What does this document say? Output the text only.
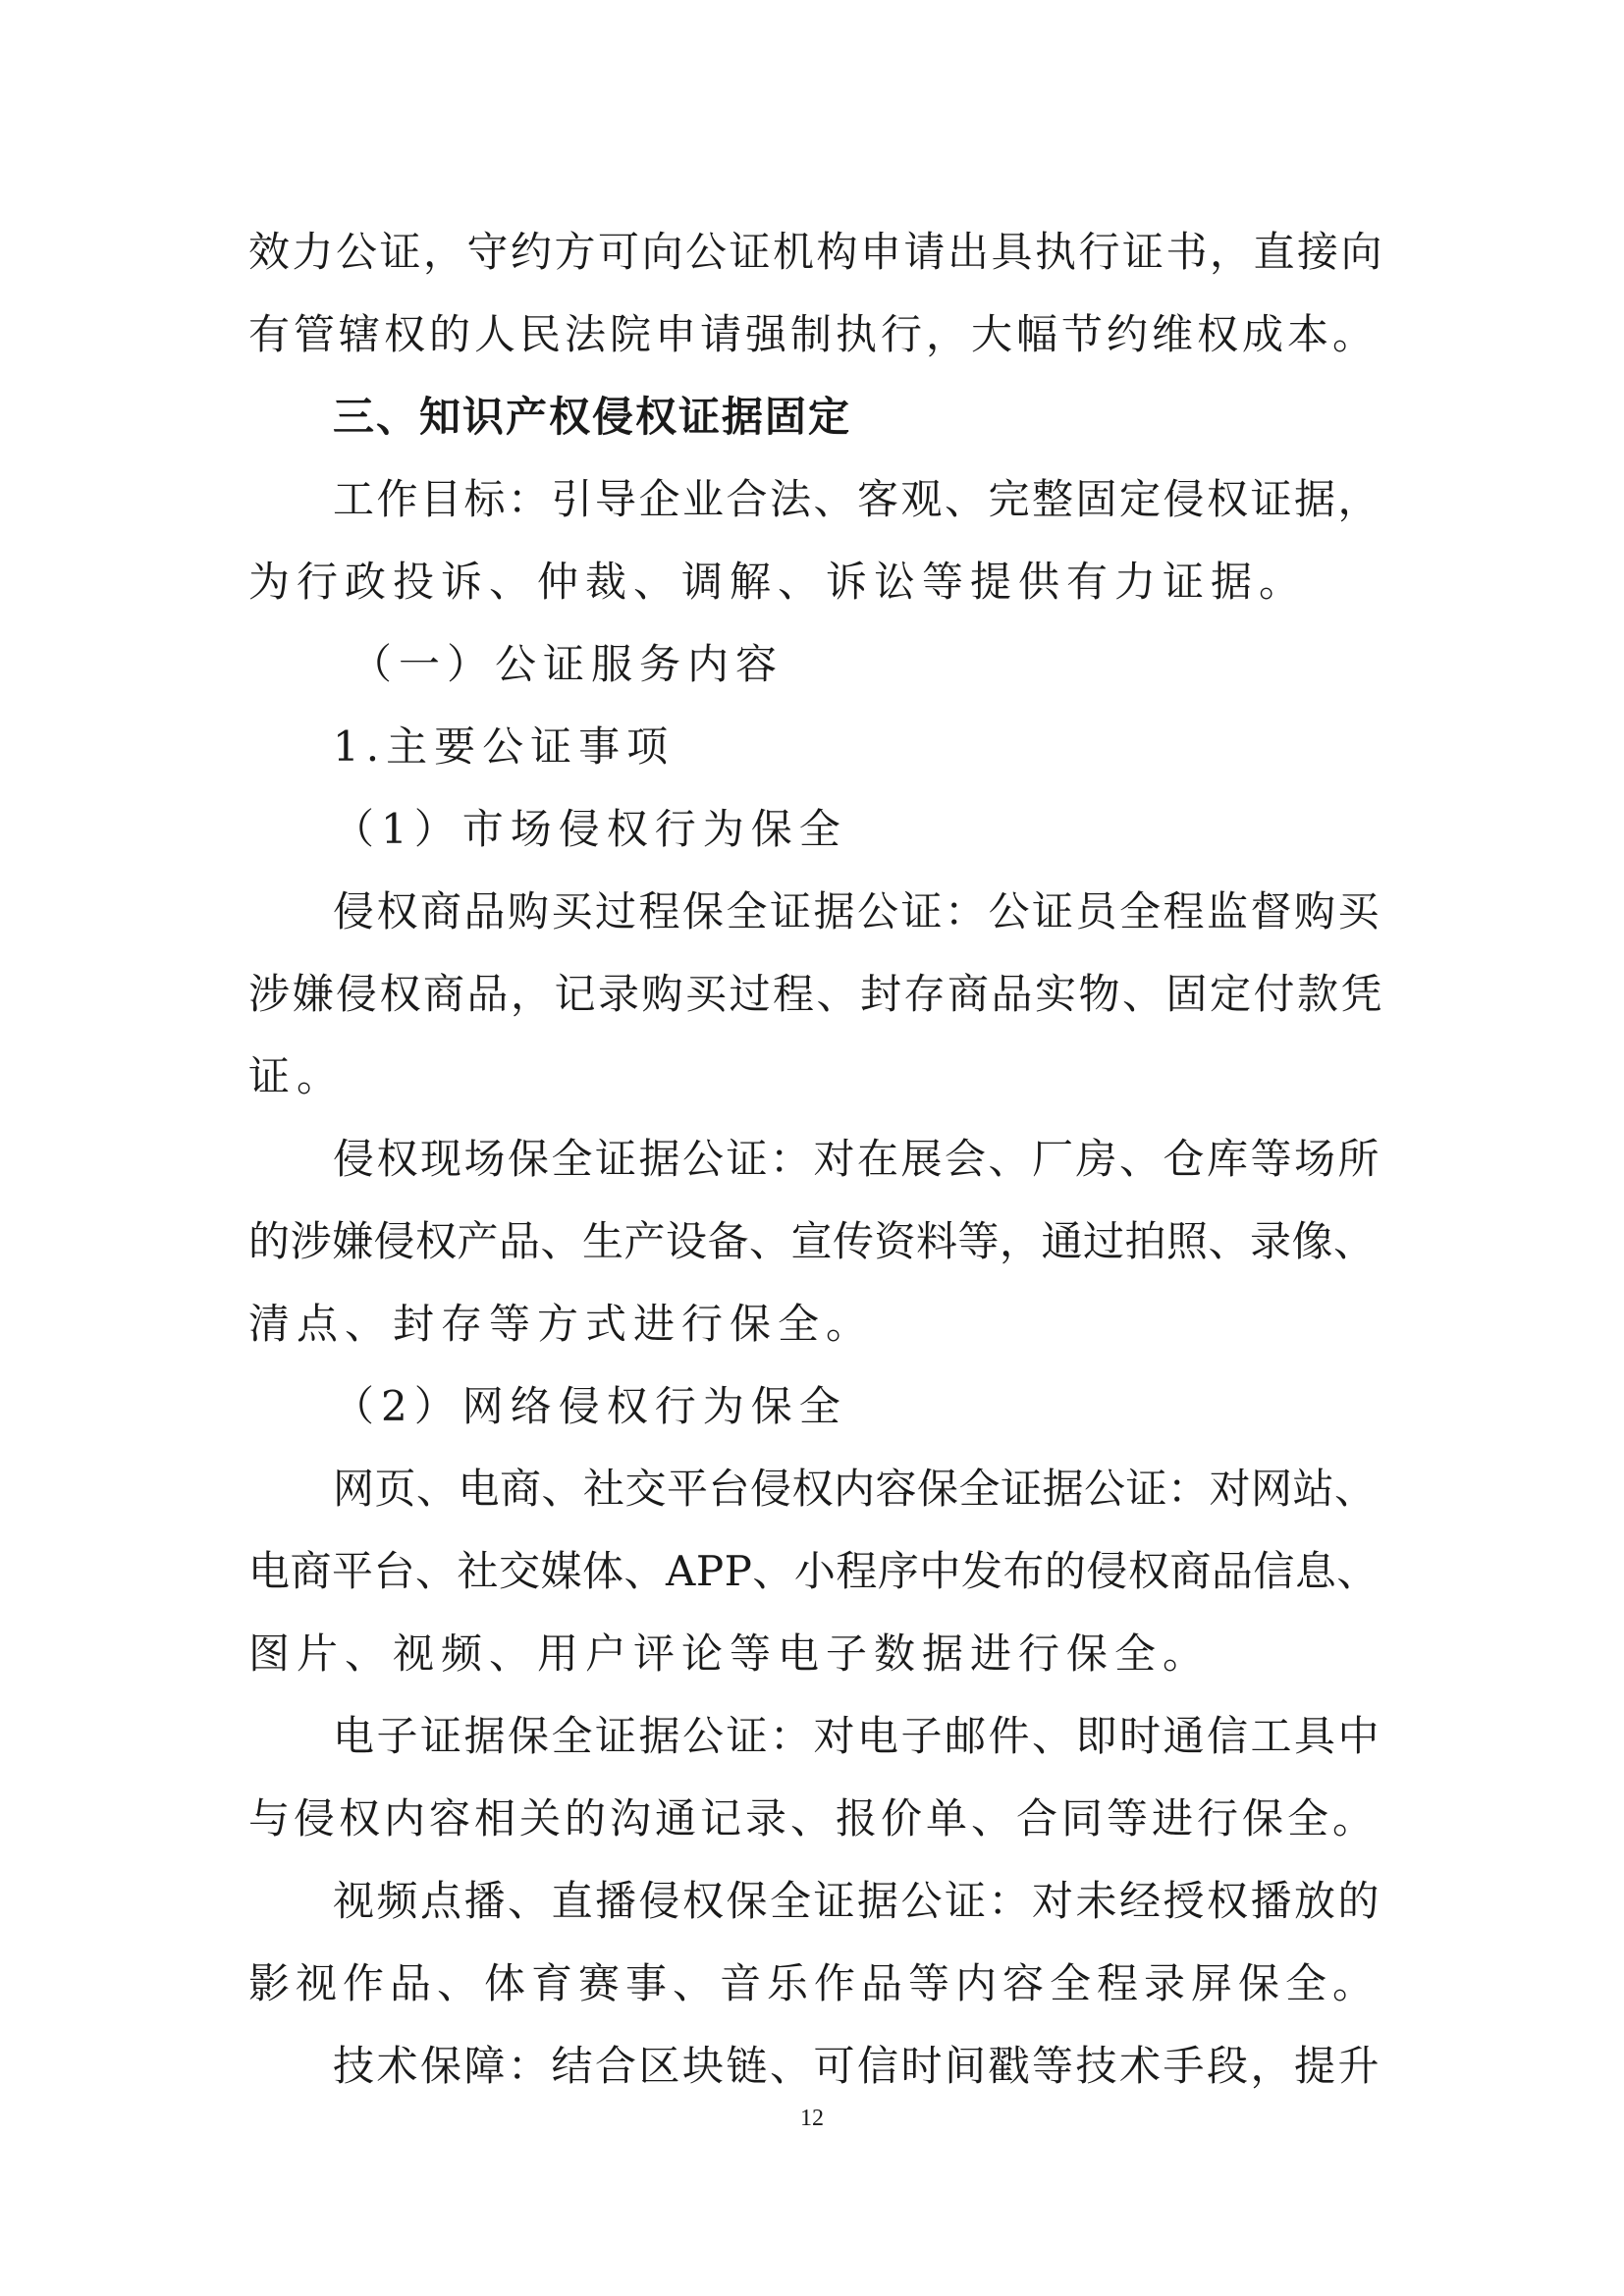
效力公证，守约方可向公证机构申请出具执行证书，直接向
有管辖权的人民法院申请强制执行，大幅节约维权成本。
三、知识产权侵权证据固定
工作目标：引导企业合法、客观、完整固定侵权证据，
为行政投诉、仲裁、调解、诉讼等提供有力证据。
（一）公证服务内容
1.主要公证事项
（1）市场侵权行为保全
侵权商品购买过程保全证据公证：公证员全程监督购买
涉嫌侵权商品，记录购买过程、封存商品实物、固定付款凭
证。
侵权现场保全证据公证：对在展会、厂房、仓库等场所
的涉嫌侵权产品、生产设备、宣传资料等，通过拍照、录像、
清点、封存等方式进行保全。
（2）网络侵权行为保全
网页、电商、社交平台侵权内容保全证据公证：对网站、
电商平台、社交媒体、APP、小程序中发布的侵权商品信息、
图片、视频、用户评论等电子数据进行保全。
电子证据保全证据公证：对电子邮件、即时通信工具中
与侵权内容相关的沟通记录、报价单、合同等进行保全。
视频点播、直播侵权保全证据公证：对未经授权播放的
影视作品、体育赛事、音乐作品等内容全程录屏保全。
技术保障：结合区块链、可信时间戳等技术手段，提升
12
